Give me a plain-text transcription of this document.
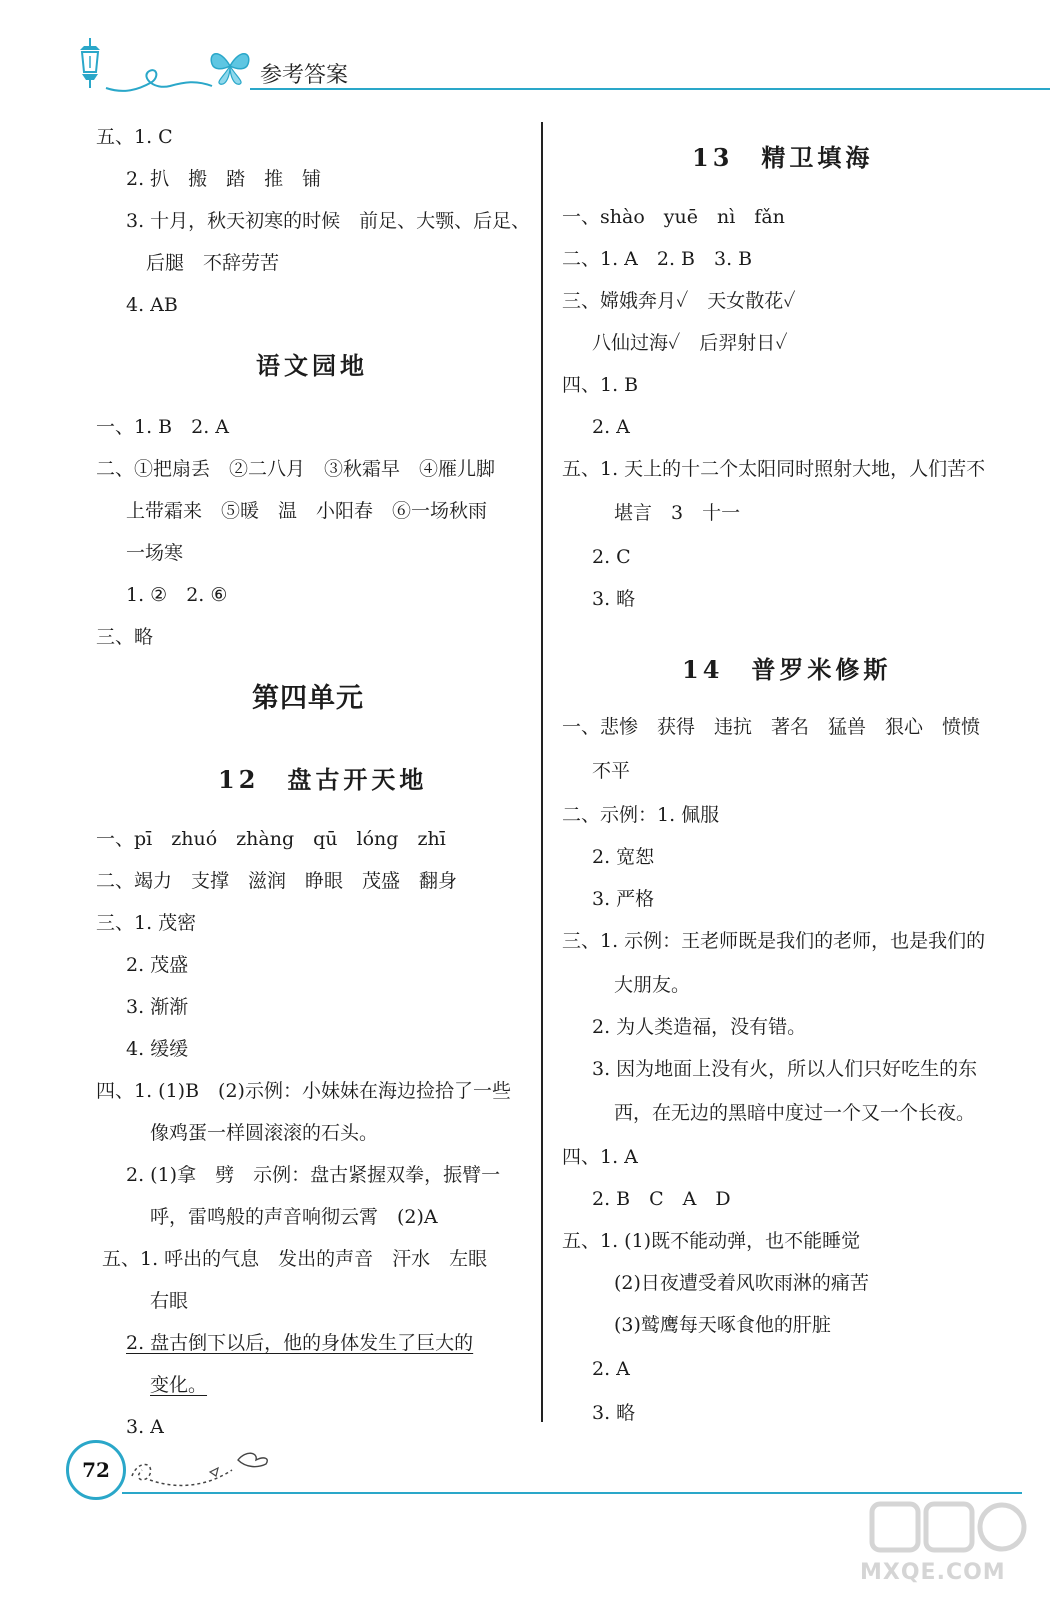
参考答案
五、1. C
2. 扒　搬　踏　推　铺
3. 十月，秋天初寒的时候　前足、大颚、后足、
后腿　不辞劳苦
4. AB
语文园地
一、1. B　2. A
二、①把扇丢　②二八月　③秋霜早　④雁儿脚
上带霜来　⑤暖　温　小阳春　⑥一场秋雨
一场寒
1. ②　2. ⑥
三、略
第四单元
12 盘古开天地
一、pī　zhuó　zhàng　qū　lóng　zhī
二、竭力　支撑　滋润　睁眼　茂盛　翻身
三、1. 茂密
2. 茂盛
3. 渐渐
4. 缓缓
四、1. (1)B　(2)示例：小妹妹在海边捡拾了一些
像鸡蛋一样圆滚滚的石头。
2. (1)拿　劈　示例：盘古紧握双拳，振臂一
呼，雷鸣般的声音响彻云霄　(2)A
五、1. 呼出的气息　发出的声音　汗水　左眼
右眼
2. 盘古倒下以后，他的身体发生了巨大的
变化。
3. A
13 精卫填海
一、shào　yuē　nì　fǎn
二、1. A　2. B　3. B
三、嫦娥奔月✓　天女散花✓
八仙过海✓　后羿射日✓
四、1. B
2. A
五、1. 天上的十二个太阳同时照射大地，人们苦不
堪言　3　十一
2. C
3. 略
14 普罗米修斯
一、悲惨　获得　违抗　著名　猛兽　狠心　愤愤
不平
二、示例：1. 佩服
2. 宽恕
3. 严格
三、1. 示例：王老师既是我们的老师，也是我们的
大朋友。
2. 为人类造福，没有错。
3. 因为地面上没有火，所以人们只好吃生的东
西，在无边的黑暗中度过一个又一个长夜。
四、1. A
2. B　C　A　D
五、1. (1)既不能动弹，也不能睡觉
(2)日夜遭受着风吹雨淋的痛苦
(3)鹫鹰每天啄食他的肝脏
2. A
3. 略
72
MXQE.COM
